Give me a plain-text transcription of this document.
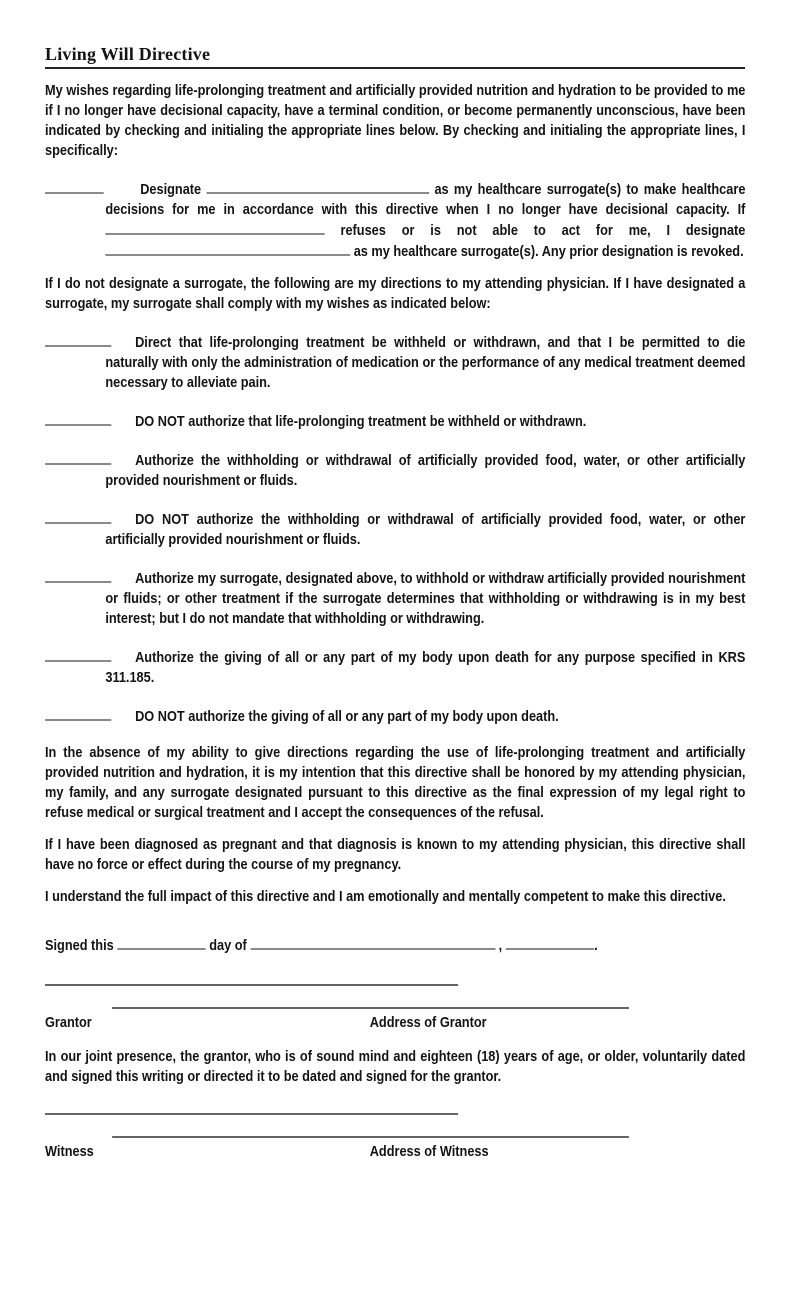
Living Will Directive

My wishes regarding life-prolonging treatment and artificially provided nutrition and hydration to be provided to me if I no longer have decisional capacity, have a terminal condition, or become permanently unconscious, have been indicated by checking and initialing the appropriate lines below. By checking and initialing the appropriate lines, I specifically:

Designate	as my healthcare surrogate(s) to make healthcare decisions for me in accordance with this directive when I no longer have decisional capacity. If  refuses or is not able to act for me, I designate  as my healthcare surrogate(s). Any prior designation is revoked.

If I do not designate a surrogate, the following are my directions to my attending physician. If I have designated a surrogate, my surrogate shall comply with my wishes as indicated below:

Direct that life-prolonging treatment be withheld or withdrawn, and that I be permitted to die naturally with only the administration of medication or the performance of any medical treatment deemed necessary to alleviate pain.

DO NOT authorize that life-prolonging treatment be withheld or withdrawn.

Authorize the withholding or withdrawal of artificially provided food, water, or other artificially provided nourishment or fluids.

DO NOT authorize the withholding or withdrawal of artificially provided food, water, or other artificially provided nourishment or fluids.

Authorize my surrogate, designated above, to withhold or withdraw artificially provided nourishment or fluids; or other treatment if the surrogate determines that withholding or withdrawing is in my best interest; but I do not mandate that withholding or withdrawing.

Authorize the giving of all or any part of my body upon death for any purpose specified in KRS 311.185.

DO NOT authorize the giving of all or any part of my body upon death.

In the absence of my ability to give directions regarding the use of life-prolonging treatment and artificially provided nutrition and hydration, it is my intention that this directive shall be honored by my attending physician, my family, and any surrogate designated pursuant to this directive as the final expression of my legal right to refuse medical or surgical treatment and I accept the consequences of the refusal.

If I have been diagnosed as pregnant and that diagnosis is known to my attending physician, this directive shall have no force or effect during the course of my pregnancy.

I understand the full impact of this directive and I am emotionally and mentally competent to make this directive.

Signed this	day of	,	.
Grantor	Address of Grantor

In our joint presence, the grantor, who is of sound mind and eighteen (18) years of age, or older, voluntarily dated and signed this writing or directed it to be dated and signed for the grantor.

Witness	Address of Witness
